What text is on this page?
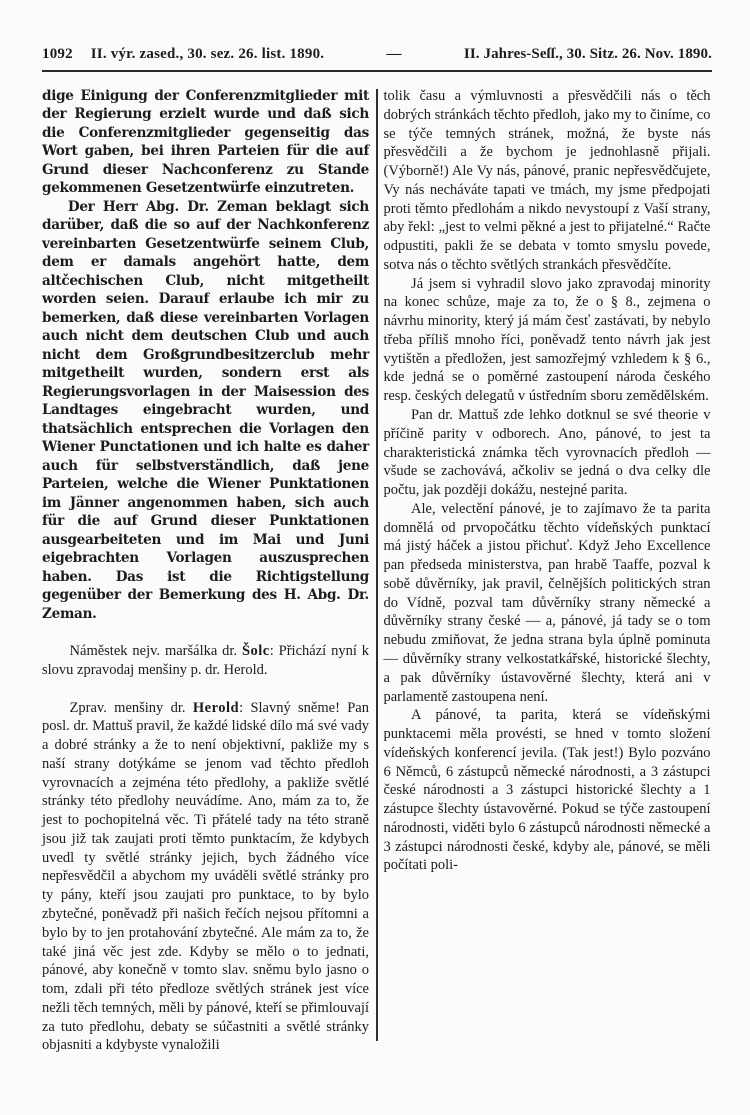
1092 II. výr. zased., 30. sez. 26. list. 1890.	—	II. Jahres-Seſſ., 30. Sitz. 26. Nov. 1890.

dige Einigung der Conferenzmitglieder mit der Regierung erzielt wurde und daß sich die Conferenzmitglieder gegenseitig das Wort gaben, bei ihren Parteien für die auf Grund dieser Nachconferenz zu Stande gekommenen Gesetzentwürfe einzutreten.

Der Herr Abg. Dr. Zeman beklagt sich darüber, daß die so auf der Nachkonferenz vereinbarten Gesetzentwürfe seinem Club, dem er damals angehört hatte, dem altčechischen Club, nicht mitgetheilt worden seien. Darauf erlaube ich mir zu bemerken, daß diese vereinbarten Vorlagen auch nicht dem deutschen Club und auch nicht dem Großgrundbesitzerclub mehr mitgetheilt wurden, sondern erst als Regierungsvorlagen in der Maisession des Landtages eingebracht wurden, und thatsächlich entsprechen die Vorlagen den Wiener Punctationen und ich halte es daher auch für selbstverständlich, daß jene Parteien, welche die Wiener Punktationen im Jänner angenommen haben, sich auch für die auf Grund dieser Punktationen ausgearbeiteten und im Mai und Juni eigebrachten Vorlagen auszusprechen haben. Das ist die Richtigstellung gegenüber der Bemerkung des H. Abg. Dr. Zeman.

Náměstek nejv. maršálka dr. Šolc: Přichází nyní k slovu zpravodaj menšiny p. dr. Herold.

Zprav. menšiny dr. Herold: Slavný sněme! Pan posl. dr. Mattuš pravil, že každé lidské dílo má své vady a dobré stránky a že to není objektivní, pakliže my s naší strany dotýkáme se jenom vad těchto předloh vyrovnacích a zejména této předlohy, a pakliže světlé stránky této předlohy neuvádíme. Ano, mám za to, že jest to pochopitelná věc. Ti přátelé tady na této straně jsou již tak zaujati proti těmto punktacím, že kdybych uvedl ty světlé stránky jejich, bych žádného více nepřesvědčil a abychom my uváděli světlé stránky pro ty pány, kteří jsou zaujati pro punktace, to by bylo zbytečné, poněvadž při našich řečích nejsou přítomni a bylo by to jen protahování zbytečné. Ale mám za to, že také jiná věc jest zde. Kdyby se mělo o to jednati, pánové, aby konečně v tomto slav. sněmu bylo jasno o tom, zdali při této předloze světlých stránek jest více nežli těch temných, měli by pánové, kteří se přimlouvají za tuto předlohu, debaty se súčastniti a světlé stránky objasniti a kdybyste vynaložili

tolik času a výmluvnosti a přesvědčili nás o těch dobrých stránkách těchto předloh, jako my to činíme, co se týče temných stránek, možná, že byste nás přesvědčili a že bychom je jednohlasně přijali. (Výborně!) Ale Vy nás, pánové, pranic nepřesvědčujete, Vy nás necháváte tapati ve tmách, my jsme předpojati proti těmto předlohám a nikdo nevystoupí z Vaší strany, aby řekl: „jest to velmi pěkné a jest to přijatelné.“ Račte odpustiti, pakli že se debata v tomto smyslu povede, sotva nás o těchto světlých strankách přesvědčíte.

Já jsem si vyhradil slovo jako zpravodaj minority na konec schůze, maje za to, že o § 8., zejmena o návrhu minority, který já mám česť zastávati, by nebylo třeba příliš mnoho říci, poněvadž tento návrh jak jest vytištěn a předložen, jest samozřejmý vzhledem k § 6., kde jedná se o poměrné zastoupení národa českého resp. českých delegatů v ústředním sboru zemědělském.

Pan dr. Mattuš zde lehko dotknul se své theorie v příčině parity v odborech. Ano, pánové, to jest ta charakteristická známka těch vyrovnacích předloh — všude se zachovává, ačkoliv se jedná o dva celky dle počtu, jak později dokážu, nestejné parita.

Ale, velectění pánové, je to zajímavo že ta parita domnělá od prvopočátku těchto vídeňských punktací má jistý háček a jistou přichuť. Když Jeho Excellence pan předseda ministerstva, pan hrabě Taaffe, pozval k sobě důvěrníky, jak pravil, čelnějších politických stran do Vídně, pozval tam důvěrníky strany německé a důvěrníky strany české — a, pánové, já tady se o tom nebudu zmiňovat, že jedna strana byla úplně pominuta — důvěrníky strany velkostatkářské, historické šlechty, a pak důvěrníky ústavověrné šlechty, která ani v parlamentě zastoupena není.

A pánové, ta parita, která se vídeňskými punktacemi měla provésti, se hned v tomto složení vídeňských konferencí jevila. (Tak jest!) Bylo pozváno 6 Němců, 6 zástupců německé národnosti, a 3 zástupci české národnosti a 3 zástupci historické šlechty a 1 zástupce šlechty ústavověrné. Pokud se týče zastoupení národnosti, viděti bylo 6 zástupců národnosti německé a 3 zástupci národnosti české, kdyby ale, pánové, se měli počítati poli-
